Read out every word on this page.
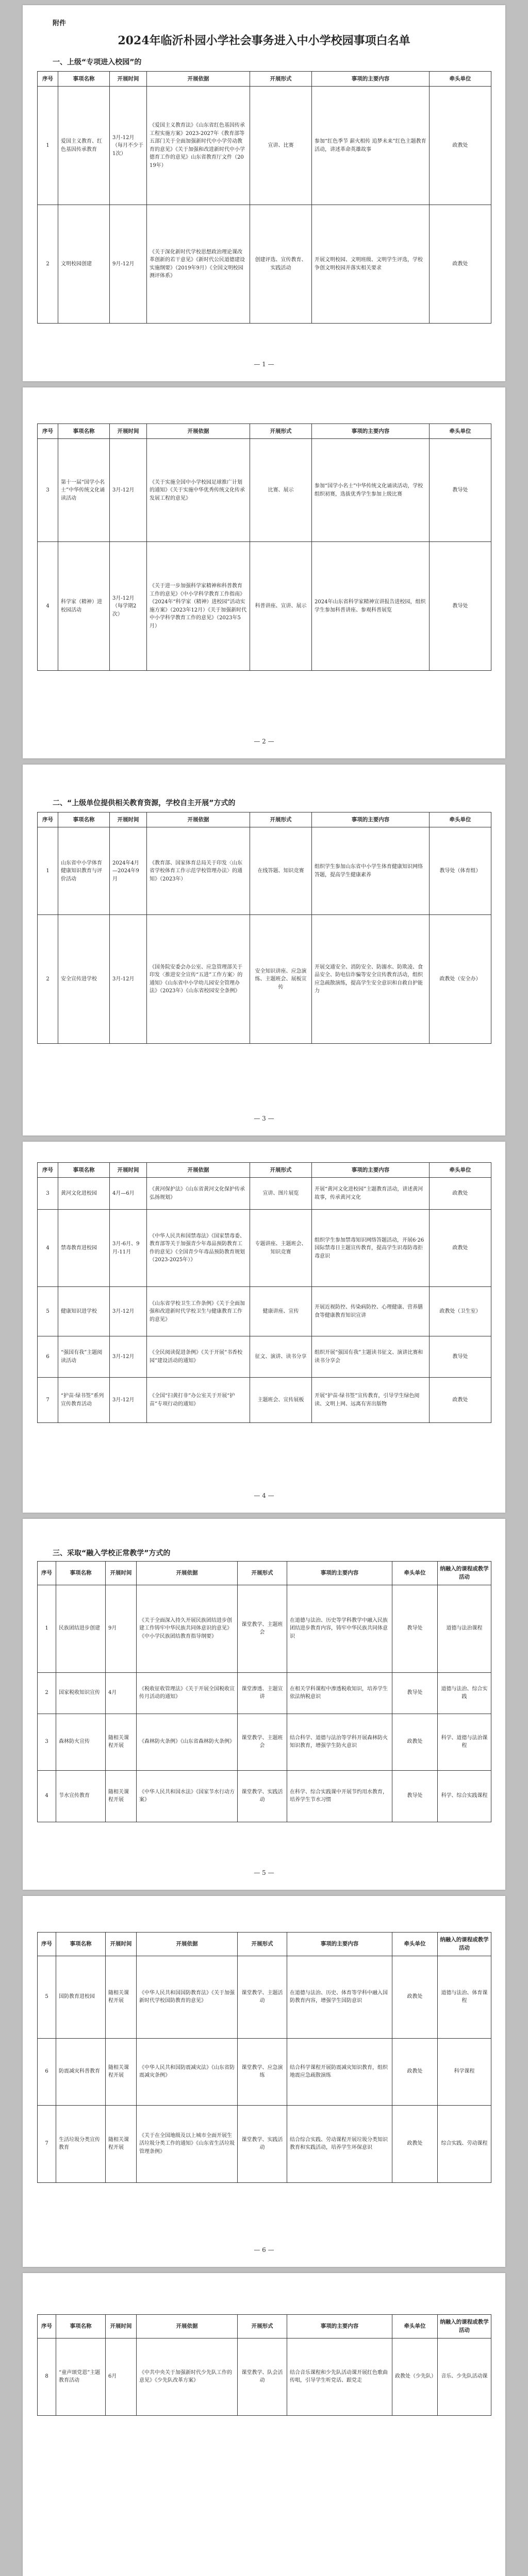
附件
2024年临沂朴园小学社会事务进入中小学校园事项白名单
一、上级“专项进入校园”的
序号	事项名称	开展时间	开展依据	开展形式	事项的主要内容	牵头单位
1	爱国主义教育、红色基因传承教育	3月-12月（每月不少于1次）	《爱国主义教育法》《山东省红色基因传承工程实施方案》2023-2027年《教育部等五部门关于全面加强新时代中小学劳动教育的意见》《关于加强和改进新时代中小学德育工作的意见》山东省教育厅文件（2019年）	宣讲、比赛	参加“红色季节 薪火相传 追梦未来”红色主题教育活动，讲述革命英雄故事	政教处
2	文明校园创建	9月-12月	《关于深化新时代学校思想政治理论课改革创新的若干意见》《新时代公民道德建设实施纲要》（2019年9月）《全国文明校园测评体系》	创建评选、宣传教育、实践活动	开展文明校园、文明班级、文明学生评选，学校争创文明校园并落实相关要求	政教处
— 1 —
序号	事项名称	开展时间	开展依据	开展形式	事项的主要内容	牵头单位
3	第十一届“国学小名士”中华传统文化诵读活动	3月-12月	《关于实施全国中小学校园足球推广计划的通知》《关于实施中华优秀传统文化传承发展工程的意见》	比赛、展示	参加“国学小名士”中华传统文化诵读活动，学校组织初赛，选拔优秀学生参加上级比赛	教导处
4	科学家（精神）进校园活动	3月-12月（每学期2次）	《关于进一步加强科学家精神和科普教育工作的意见》《中小学科学教育工作指南》《2024年“科学家（精神）进校园”活动实施方案》（2023年12月）《关于加强新时代中小学科学教育工作的意见》（2023年5月）	科普讲座、宣讲、展示	2024年山东省科学家精神宣讲报告进校园，组织学生参加科普讲座、参观科普展览	教导处
— 2 —
二、“上级单位提供相关教育资源，学校自主开展”方式的
序号	事项名称	开展时间	开展依据	开展形式	事项的主要内容	牵头单位
1	山东省中小学体育健康知识教育与评价活动	2024年4月—2024年9月	《教育部、国家体育总局关于印发〈山东省学校体育工作示范学校管理办法〉的通知》（2023年）	在线答题、知识竞赛	组织学生参加山东省中小学生体育健康知识网络答题，提高学生健康素养	教导处（体育组）
2	安全宣传进学校	3月-12月	《国务院安委会办公室、应急管理部关于印发〈推进安全宣传“五进”工作方案〉的通知》《山东省中小学幼儿园安全管理办法》（2023年）《山东省校园安全条例》	安全知识讲座、应急演练、主题班会、展板宣传	开展交通安全、消防安全、防溺水、防欺凌、食品安全、防电信诈骗等安全宣传教育活动，组织应急疏散演练，提高学生安全意识和自救自护能力	政教处（安全办）
— 3 —
序号	事项名称	开展时间	开展依据	开展形式	事项的主要内容	牵头单位
3	黄河文化进校园	4月—6月	《黄河保护法》《山东省黄河文化保护传承弘扬规划》	宣讲、图片展览	开展“黄河文化进校园”主题教育活动，讲述黄河故事，传承黄河文化	政教处
4	禁毒教育进校园	3月-6月、9月-11月	《中华人民共和国禁毒法》《国家禁毒委、教育部等关于加强青少年毒品预防教育工作的意见》《全国青少年毒品预防教育规划（2023-2025年）》	专题讲座、主题班会、知识竞赛	组织学生参加禁毒知识网络答题活动，开展6·26国际禁毒日主题宣传教育，提高学生识毒防毒拒毒意识	政教处
5	健康知识进学校	3月-12月	《山东省学校卫生工作条例》《关于全面加强和改进新时代学校卫生与健康教育工作的意见》	健康讲座、宣传	开展近视防控、传染病防控、心理健康、营养膳食等健康教育知识宣讲	政教处（卫生室）
6	“强国有我”主题阅读活动	3月-12月	《全民阅读促进条例》《关于开展“书香校园”建设活动的通知》	征文、演讲、读书分享	组织开展“强国有我”主题读书征文、演讲比赛和读书分享会	教导处
7	“护苗·绿书签”系列宣传教育活动	3月-12月	《全国“扫黄打非”办公室关于开展“护苗”专项行动的通知》	主题班会、宣传展板	开展“护苗·绿书签”宣传教育，引导学生绿色阅读、文明上网、远离有害出版物	政教处
— 4 —
三、采取“融入学校正常教学”方式的
序号	事项名称	开展时间	开展依据	开展形式	事项的主要内容	牵头单位	纳融入的课程或教学活动
1	民族团结进步创建	9月	《关于全面深入持久开展民族团结进步创建工作铸牢中华民族共同体意识的意见》《中小学民族团结教育指导纲要》	课堂教学、主题班会	在道德与法治、历史等学科教学中融入民族团结进步教育内容，铸牢中华民族共同体意识	教导处	道德与法治课程
2	国家税收知识宣传	4月	《税收征收管理法》《关于开展全国税收宣传月活动的通知》	课堂渗透、主题宣讲	在相关学科课程中渗透税收知识，培养学生依法纳税意识	教导处	道德与法治、综合实践
3	森林防火宣传	随相关课程开展	《森林防火条例》《山东省森林防火条例》	课堂教学、主题班会	结合科学、道德与法治等学科开展森林防火知识教育，增强学生防火意识	政教处	科学、道德与法治课程
4	节水宣传教育	随相关课程开展	《中华人民共和国水法》《国家节水行动方案》	课堂教学、实践活动	在科学、综合实践课中开展节约用水教育，培养学生节水习惯	教导处	科学、综合实践课程
— 5 —
序号	事项名称	开展时间	开展依据	开展形式	事项的主要内容	牵头单位	纳融入的课程或教学活动
5	国防教育进校园	随相关课程开展	《中华人民共和国国防教育法》《关于加强新时代学校国防教育的意见》	课堂教学、主题活动	在道德与法治、历史、体育等学科中融入国防教育内容，增强学生国防意识	政教处	道德与法治、体育课程
6	防震减灾科普教育	随相关课程开展	《中华人民共和国防震减灾法》《山东省防震减灾条例》	课堂教学、应急演练	结合科学课程开展防震减灾知识教育，组织地震应急疏散演练	政教处	科学课程
7	生活垃圾分类宣传教育	随相关课程开展	《关于在全国地级及以上城市全面开展生活垃圾分类工作的通知》《山东省生活垃圾管理条例》	课堂教学、实践活动	结合综合实践、劳动课程开展垃圾分类知识教育和实践活动，培养学生环保意识	政教处	综合实践、劳动课程
— 6 —
序号	事项名称	开展时间	开展依据	开展形式	事项的主要内容	牵头单位	纳融入的课程或教学活动
8	“童声颂党恩”主题教育活动	6月	《中共中央关于加强新时代少先队工作的意见》《少先队改革方案》	课堂教学、队会活动	结合音乐课程和少先队活动课开展红色歌曲传唱，引导学生听党话、跟党走	政教处（少先队）	音乐、少先队活动课
